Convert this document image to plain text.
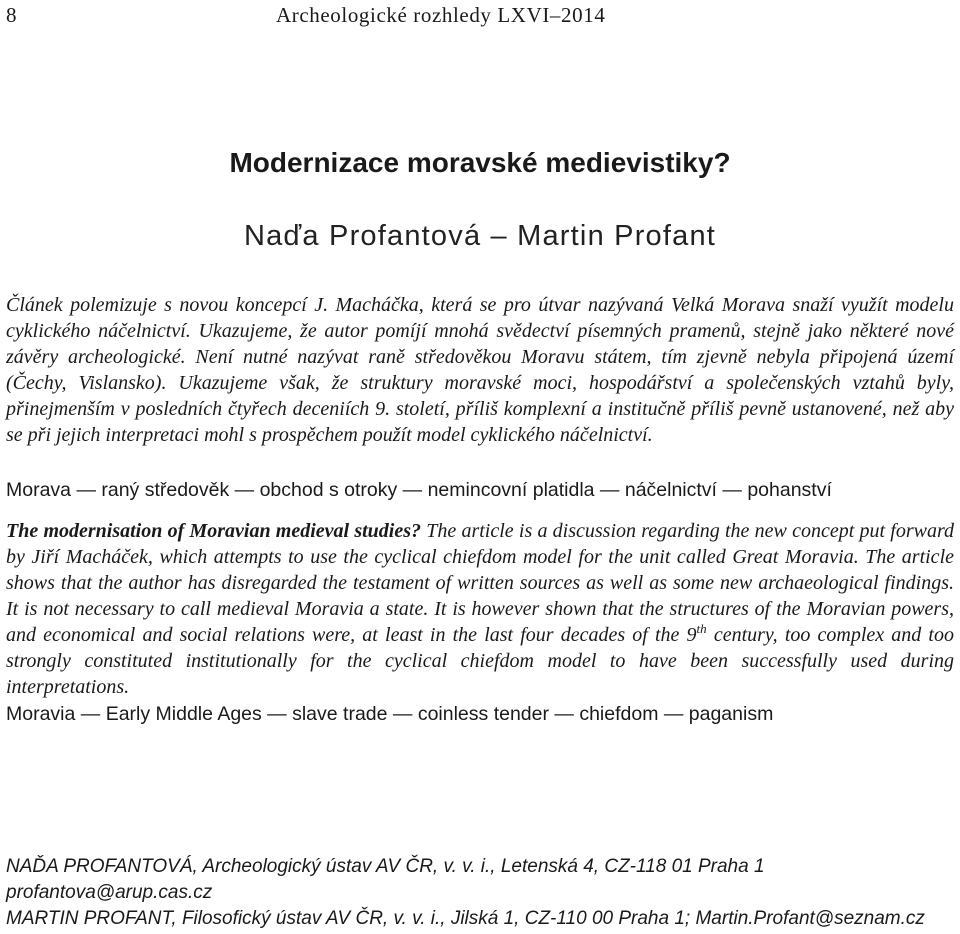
8	Archeologické rozhledy LXVI–2014
Modernizace moravské medievistiky?
Naďa Profantová – Martin Profant

Článek polemizuje s novou koncepcí J. Macháčka, která se pro útvar nazývaná Velká Morava snaží využít modelu cyklického náčelnictví. Ukazujeme, že autor pomíjí mnohá svědectví písemných pramenů, stejně jako některé nové závěry archeologické. Není nutné nazývat raně středověkou Moravu státem, tím zjevně nebyla připojená území (Čechy, Vislansko). Ukazujeme však, že struktury moravské moci, hospodářství a společenských vztahů byly, přinejmenším v posledních čtyřech deceniích 9. století, příliš komplexní a institučně příliš pevně ustanovené, než aby se při jejich interpretaci mohl s prospěchem použít model cyklického náčelnictví.

Morava — raný středověk — obchod s otroky — nemincovní platidla — náčelnictví — pohanství

The modernisation of Moravian medieval studies? The article is a discussion regarding the new concept put forward by Jiří Macháček, which attempts to use the cyclical chiefdom model for the unit called Great Moravia. The article shows that the author has disregarded the testament of written sources as well as some new archaeological findings. It is not necessary to call medieval Moravia a state. It is however shown that the structures of the Moravian powers, and economical and social relations were, at least in the last four decades of the 9th century, too complex and too strongly constituted institutionally for the cyclical chiefdom model to have been successfully used during interpretations.

Moravia — Early Middle Ages — slave trade — coinless tender — chiefdom — paganism

NAĎA PROFANTOVÁ, Archeologický ústav AV ČR, v. v. i., Letenská 4, CZ-118 01 Praha 1
profantova@arup.cas.cz
MARTIN PROFANT, Filosofický ústav AV ČR, v. v. i., Jilská 1, CZ-110 00 Praha 1; Martin.Profant@seznam.cz
